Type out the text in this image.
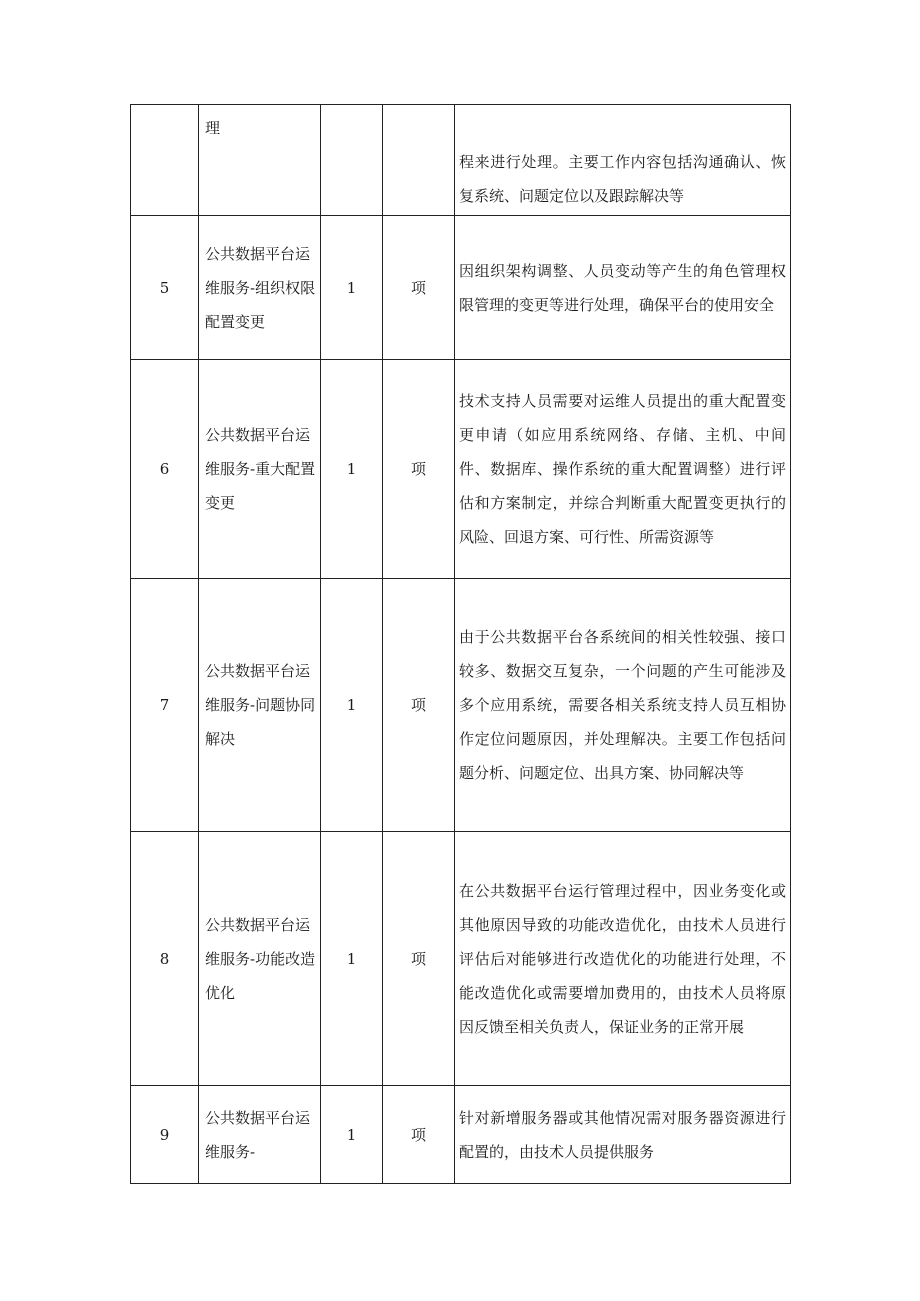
	理			程来进行处理。主要工作内容包括沟通确认、恢复系统、问题定位以及跟踪解决等
5	公共数据平台运维服务-组织权限配置变更	1	项	因组织架构调整、人员变动等产生的角色管理权限管理的变更等进行处理，确保平台的使用安全
6	公共数据平台运维服务-重大配置变更	1	项	技术支持人员需要对运维人员提出的重大配置变更申请（如应用系统网络、存储、主机、中间件、数据库、操作系统的重大配置调整）进行评估和方案制定，并综合判断重大配置变更执行的风险、回退方案、可行性、所需资源等
7	公共数据平台运维服务-问题协同解决	1	项	由于公共数据平台各系统间的相关性较强、接口较多、数据交互复杂，一个问题的产生可能涉及多个应用系统，需要各相关系统支持人员互相协作定位问题原因，并处理解决。主要工作包括问题分析、问题定位、出具方案、协同解决等
8	公共数据平台运维服务-功能改造优化	1	项	在公共数据平台运行管理过程中，因业务变化或其他原因导致的功能改造优化，由技术人员进行评估后对能够进行改造优化的功能进行处理，不能改造优化或需要增加费用的，由技术人员将原因反馈至相关负责人，保证业务的正常开展
9	公共数据平台运维服务-	1	项	针对新增服务器或其他情况需对服务器资源进行配置的，由技术人员提供服务
